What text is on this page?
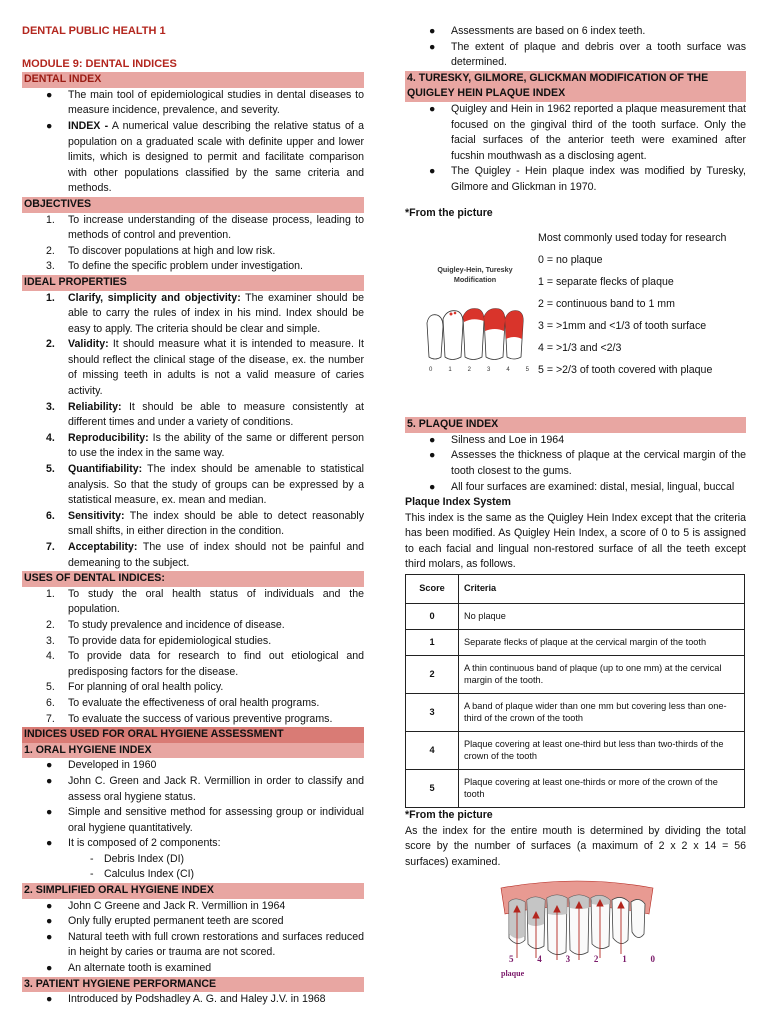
DENTAL PUBLIC HEALTH 1
MODULE 9: DENTAL INDICES
DENTAL INDEX
● The main tool of epidemiological studies in dental diseases to measure incidence, prevalence, and severity.
● INDEX - A numerical value describing the relative status of a population on a graduated scale with definite upper and lower limits, which is designed to permit and facilitate comparison with other populations classified by the same criteria and methods.
OBJECTIVES
1.	To increase understanding of the disease process, leading to methods of control and prevention.
2.	To discover populations at high and low risk.
3.	To define the specific problem under investigation.
IDEAL PROPERTIES
1.	Clarify, simplicity and objectivity: The examiner should be able to carry the rules of index in his mind. Index should be easy to apply. The criteria should be clear and simple.
2.	Validity: It should measure what it is intended to measure. It should reflect the clinical stage of the disease, ex. the number of missing teeth in adults is not a valid measure of caries activity.
3.	Reliability: It should be able to measure consistently at different times and under a variety of conditions.
4.	Reproducibility: Is the ability of the same or different person to use the index in the same way.
5.	Quantifiability: The index should be amenable to statistical analysis. So that the study of groups can be expressed by a statistical measure, ex. mean and median.
6.	Sensitivity: The index should be able to detect reasonably small shifts, in either direction in the condition.
7.	Acceptability: The use of index should not be painful and demeaning to the subject.
USES OF DENTAL INDICES:
1.	To study the oral health status of individuals and the population.
2.	To study prevalence and incidence of disease.
3.	To provide data for epidemiological studies.
4.	To provide data for research to find out etiological and predisposing factors for the disease.
5.	For planning of oral health policy.
6.	To evaluate the effectiveness of oral health programs.
7.	To evaluate the success of various preventive programs.
INDICES USED FOR ORAL HYGIENE ASSESSMENT
1. ORAL HYGIENE INDEX
● Developed in 1960
● John C. Green and Jack R. Vermillion in order to classify and assess oral hygiene status.
● Simple and sensitive method for assessing group or individual oral hygiene quantitatively.
● It is composed of 2 components:
- Debris Index (DI)
- Calculus Index (CI)
2. SIMPLIFIED ORAL HYGIENE INDEX
● John C Greene and Jack R. Vermillion in 1964
● Only fully erupted permanent teeth are scored
● Natural teeth with full crown restorations and surfaces reduced in height by caries or trauma are not scored.
● An alternate tooth is examined
3. PATIENT HYGIENE PERFORMANCE
● Introduced by Podshadley A. G. and Haley J.V. in 1968
● Assessments are based on 6 index teeth.
● The extent of plaque and debris over a tooth surface was determined.
4. TURESKY, GILMORE, GLICKMAN MODIFICATION OF THE QUIGLEY HEIN PLAQUE INDEX
● Quigley and Hein in 1962 reported a plaque measurement that focused on the gingival third of the tooth surface. Only the facial surfaces of the anterior teeth were examined after fucshin mouthwash as a disclosing agent.
● The Quigley - Hein plaque index was modified by Turesky, Gilmore and Glickman in 1970.
*From the picture
Quigley-Hein, Turesky
Modification
0	1	2	3	4	5
Most commonly used today for research
0 = no plaque
1 = separate flecks of plaque
2 = continuous band to 1 mm
3 = >1mm and <1/3 of tooth surface
4 = >1/3 and <2/3
5 = >2/3 of tooth covered with plaque
5. PLAQUE INDEX
● Silness and Loe in 1964
● Assesses the thickness of plaque at the cervical margin of the tooth closest to the gums.
● All four surfaces are examined: distal, mesial, lingual, buccal
Plaque Index System

This index is the same as the Quigley Hein Index except that the criteria has been modified. As Quigley Hein Index, a score of 0 to 5 is assigned to each facial and lingual non-restored surface of all the teeth except third molars, as follows.

Score	Criteria
0	No plaque
1	Separate flecks of plaque at the cervical margin of the tooth
2	A thin continuous band of plaque (up to one mm) at the cervical margin of the tooth.
3	A band of plaque wider than one mm but covering less than one-third of the crown of the tooth
4	Plaque covering at least one-third but less than two-thirds of the crown of the tooth
5	Plaque covering at least one-thirds or more of the crown of the tooth
*From the picture

As the index for the entire mouth is determined by dividing the total score by the number of surfaces (a maximum of 2 x 2 x 14 = 56 surfaces) examined.

5	4	3	2	1	0
plaque
